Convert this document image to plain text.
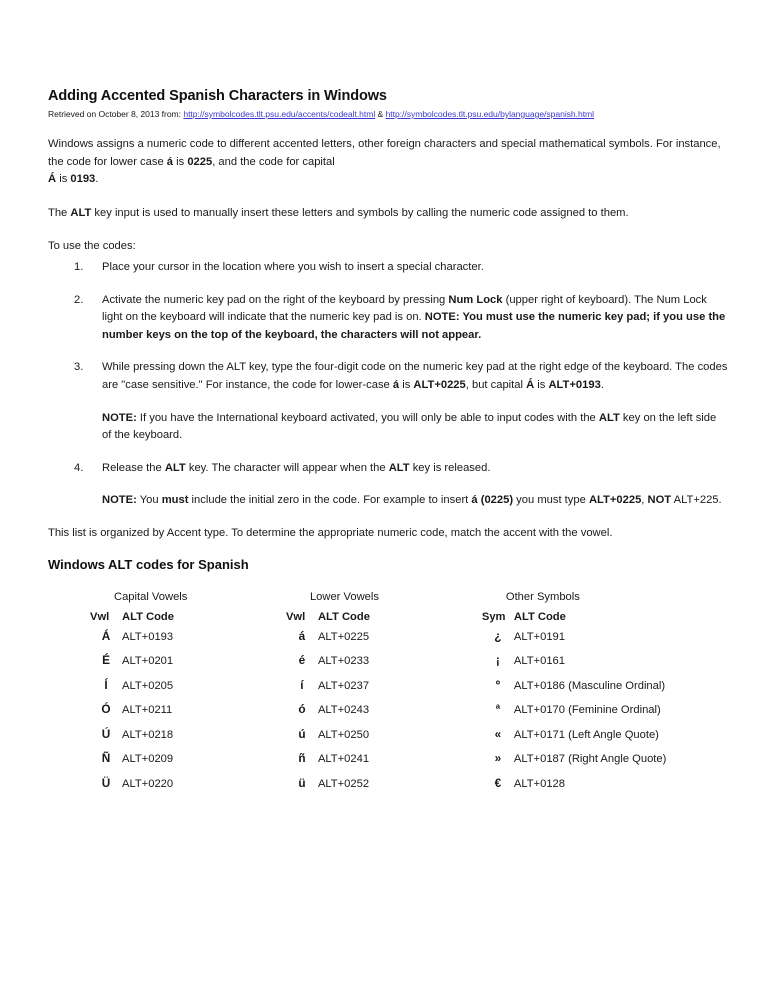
Adding Accented Spanish Characters in Windows
Retrieved on October 8, 2013 from: http://symbolcodes.tlt.psu.edu/accents/codealt.html & http://symbolcodes.tlt.psu.edu/bylanguage/spanish.html

Windows assigns a numeric code to different accented letters, other foreign characters and special mathematical symbols. For instance, the code for lower case á is 0225, and the code for capital
Á is 0193.

The ALT key input is used to manually insert these letters and symbols by calling the numeric code assigned to them.

To use the codes:

1.	Place your cursor in the location where you wish to insert a special character.
2.	Activate the numeric key pad on the right of the keyboard by pressing Num Lock (upper right of keyboard). The Num Lock light on the keyboard will indicate that the numeric key pad is on. NOTE: You must use the numeric key pad; if you use the number keys on the top of the keyboard, the characters will not appear.
3.	While pressing down the ALT key, type the four-digit code on the numeric key pad at the right edge of the keyboard. The codes are "case sensitive." For instance, the code for lower-case á is ALT+0225, but capital Á is ALT+0193.
NOTE: If you have the International keyboard activated, you will only be able to input codes with the ALT key on the left side of the keyboard.
4.	Release the ALT key. The character will appear when the ALT key is released.
NOTE: You must include the initial zero in the code. For example to insert á (0225) you must type ALT+0225, NOT ALT+225.

This list is organized by Accent type. To determine the appropriate numeric code, match the accent with the vowel.

Windows ALT codes for Spanish
Capital Vowels
Vwl ALT Code
Á	ALT+0193
É	ALT+0201
Í	ALT+0205
Ó	ALT+0211
Ú	ALT+0218
Ñ	ALT+0209
Ü	ALT+0220
Lower Vowels
Vwl ALT Code
á	ALT+0225
é	ALT+0233
í	ALT+0237
ó	ALT+0243
ú	ALT+0250
ñ	ALT+0241
ü	ALT+0252
Other Symbols
Sym ALT Code
¿	ALT+0191
¡	ALT+0161
º	ALT+0186 (Masculine Ordinal)
ª	ALT+0170 (Feminine Ordinal)
«	ALT+0171 (Left Angle Quote)
»	ALT+0187 (Right Angle Quote)
€	ALT+0128
